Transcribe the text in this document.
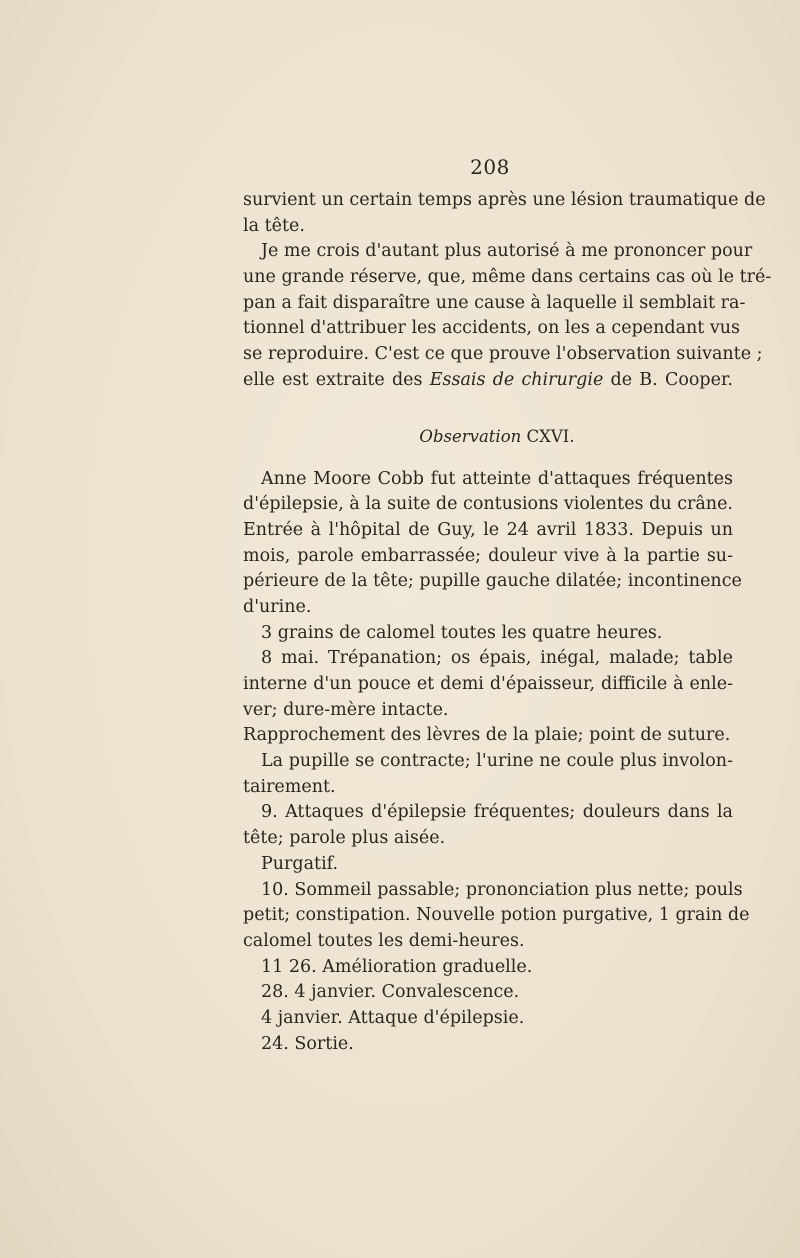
208
survient un certain temps après une lésion traumatique de
la tête.
Je me crois d'autant plus autorisé à me prononcer pour
une grande réserve, que, même dans certains cas où le tré-
pan a fait disparaître une cause à laquelle il semblait ra-
tionnel d'attribuer les accidents, on les a cependant vus
se reproduire. C'est ce que prouve l'observation suivante ;
elle est extraite des Essais de chirurgie de B. Cooper.
Observation CXVI.
Anne Moore Cobb fut atteinte d'attaques fréquentes
d'épilepsie, à la suite de contusions violentes du crâne.
Entrée à l'hôpital de Guy, le 24 avril 1833. Depuis un
mois, parole embarrassée; douleur vive à la partie su-
périeure de la tête; pupille gauche dilatée; incontinence
d'urine.
3 grains de calomel toutes les quatre heures.
8 mai. Trépanation; os épais, inégal, malade; table
interne d'un pouce et demi d'épaisseur, difficile à enle-
ver; dure-mère intacte.
Rapprochement des lèvres de la plaie; point de suture.
La pupille se contracte; l'urine ne coule plus involon-
tairement.
9. Attaques d'épilepsie fréquentes; douleurs dans la
tête; parole plus aisée.
Purgatif.
10. Sommeil passable; prononciation plus nette; pouls
petit; constipation. Nouvelle potion purgative, 1 grain de
calomel toutes les demi-heures.
11 26. Amélioration graduelle.
28. 4 janvier. Convalescence.
4 janvier. Attaque d'épilepsie.
24. Sortie.
